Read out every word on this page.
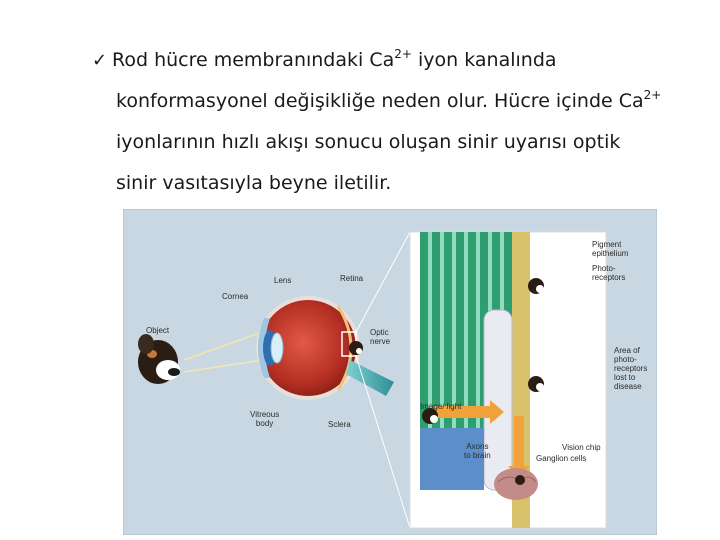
✓ Rod hücre membranındaki $Ca^{2+}$ iyon kanalında
konformasyonel değişikliğe neden olur. Hücre içinde $Ca^{2+}$
iyonlarının hızlı akışı sonucu oluşan sinir uyarısı optik
sinir vasıtasıyla beyne iletilir.
Lens	Retina
Cornea
Object	Optic
nerve
Vitreous
body	Sclera
Pigment
epithelium
Photo-
receptors
Area of
photo-
receptors
lost to
disease
Image/ light
Axons
to brain
Vision chip
Ganglion cells
